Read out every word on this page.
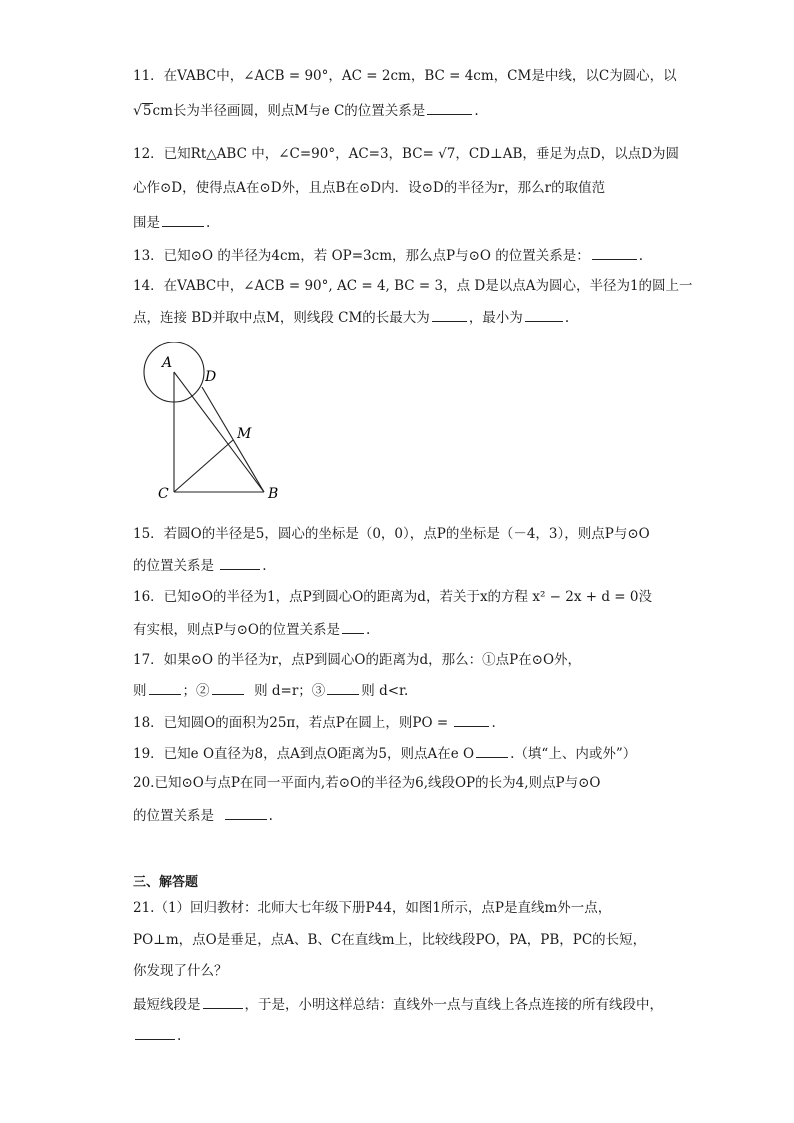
11．在VABC中，∠ACB = 90°，AC = 2cm，BC = 4cm，CM是中线，以C为圆心，以
√5cm长为半径画圆，则点M与e C的位置关系是	.
12．已知Rt△ABC 中，∠C=90°，AC=3，BC= √7，CD⊥AB，垂足为点D，以点D为圆
心作⊙D，使得点A在⊙D外，且点B在⊙D内．设⊙D的半径为r，那么r的取值范
围是	.
13．已知⊙O 的半径为4cm，若 OP=3cm，那么点P与⊙O 的位置关系是：	.
14．在VABC中，∠ACB = 90°, AC = 4, BC = 3，点 D是以点A为圆心，半径为1的圆上一
点，连接 BD并取中点M，则线段 CM的长最大为	，最小为	.
A
D
M
C	B
15．若圆O的半径是5，圆心的坐标是（0，0），点P的坐标是（－4，3），则点P与⊙O
的位置关系是	.
16．已知⊙O的半径为1，点P到圆心O的距离为d，若关于x的方程 x² − 2x + d = 0没
有实根，则点P与⊙O的位置关系是 .
17．如果⊙O 的半径为r，点P到圆心O的距离为d，那么：①点P在⊙O外，
则	；②	则 d=r；③	则 d<r.
18．已知圆O的面积为25π，若点P在圆上，则PO =	.
19．已知e O直径为8，点A到点O距离为5，则点A在e O	.（填“上、内或外”）
20.已知⊙O与点P在同一平面内,若⊙O的半径为6,线段OP的长为4,则点P与⊙O
的位置关系是	.
三、解答题
21.（1）回归教材：北师大七年级下册P44，如图1所示，点P是直线m外一点，
PO⊥m，点O是垂足，点A、B、C在直线m上，比较线段PO，PA，PB，PC的长短，
你发现了什么？
最短线段是	，于是，小明这样总结：直线外一点与直线上各点连接的所有线段中，
.
